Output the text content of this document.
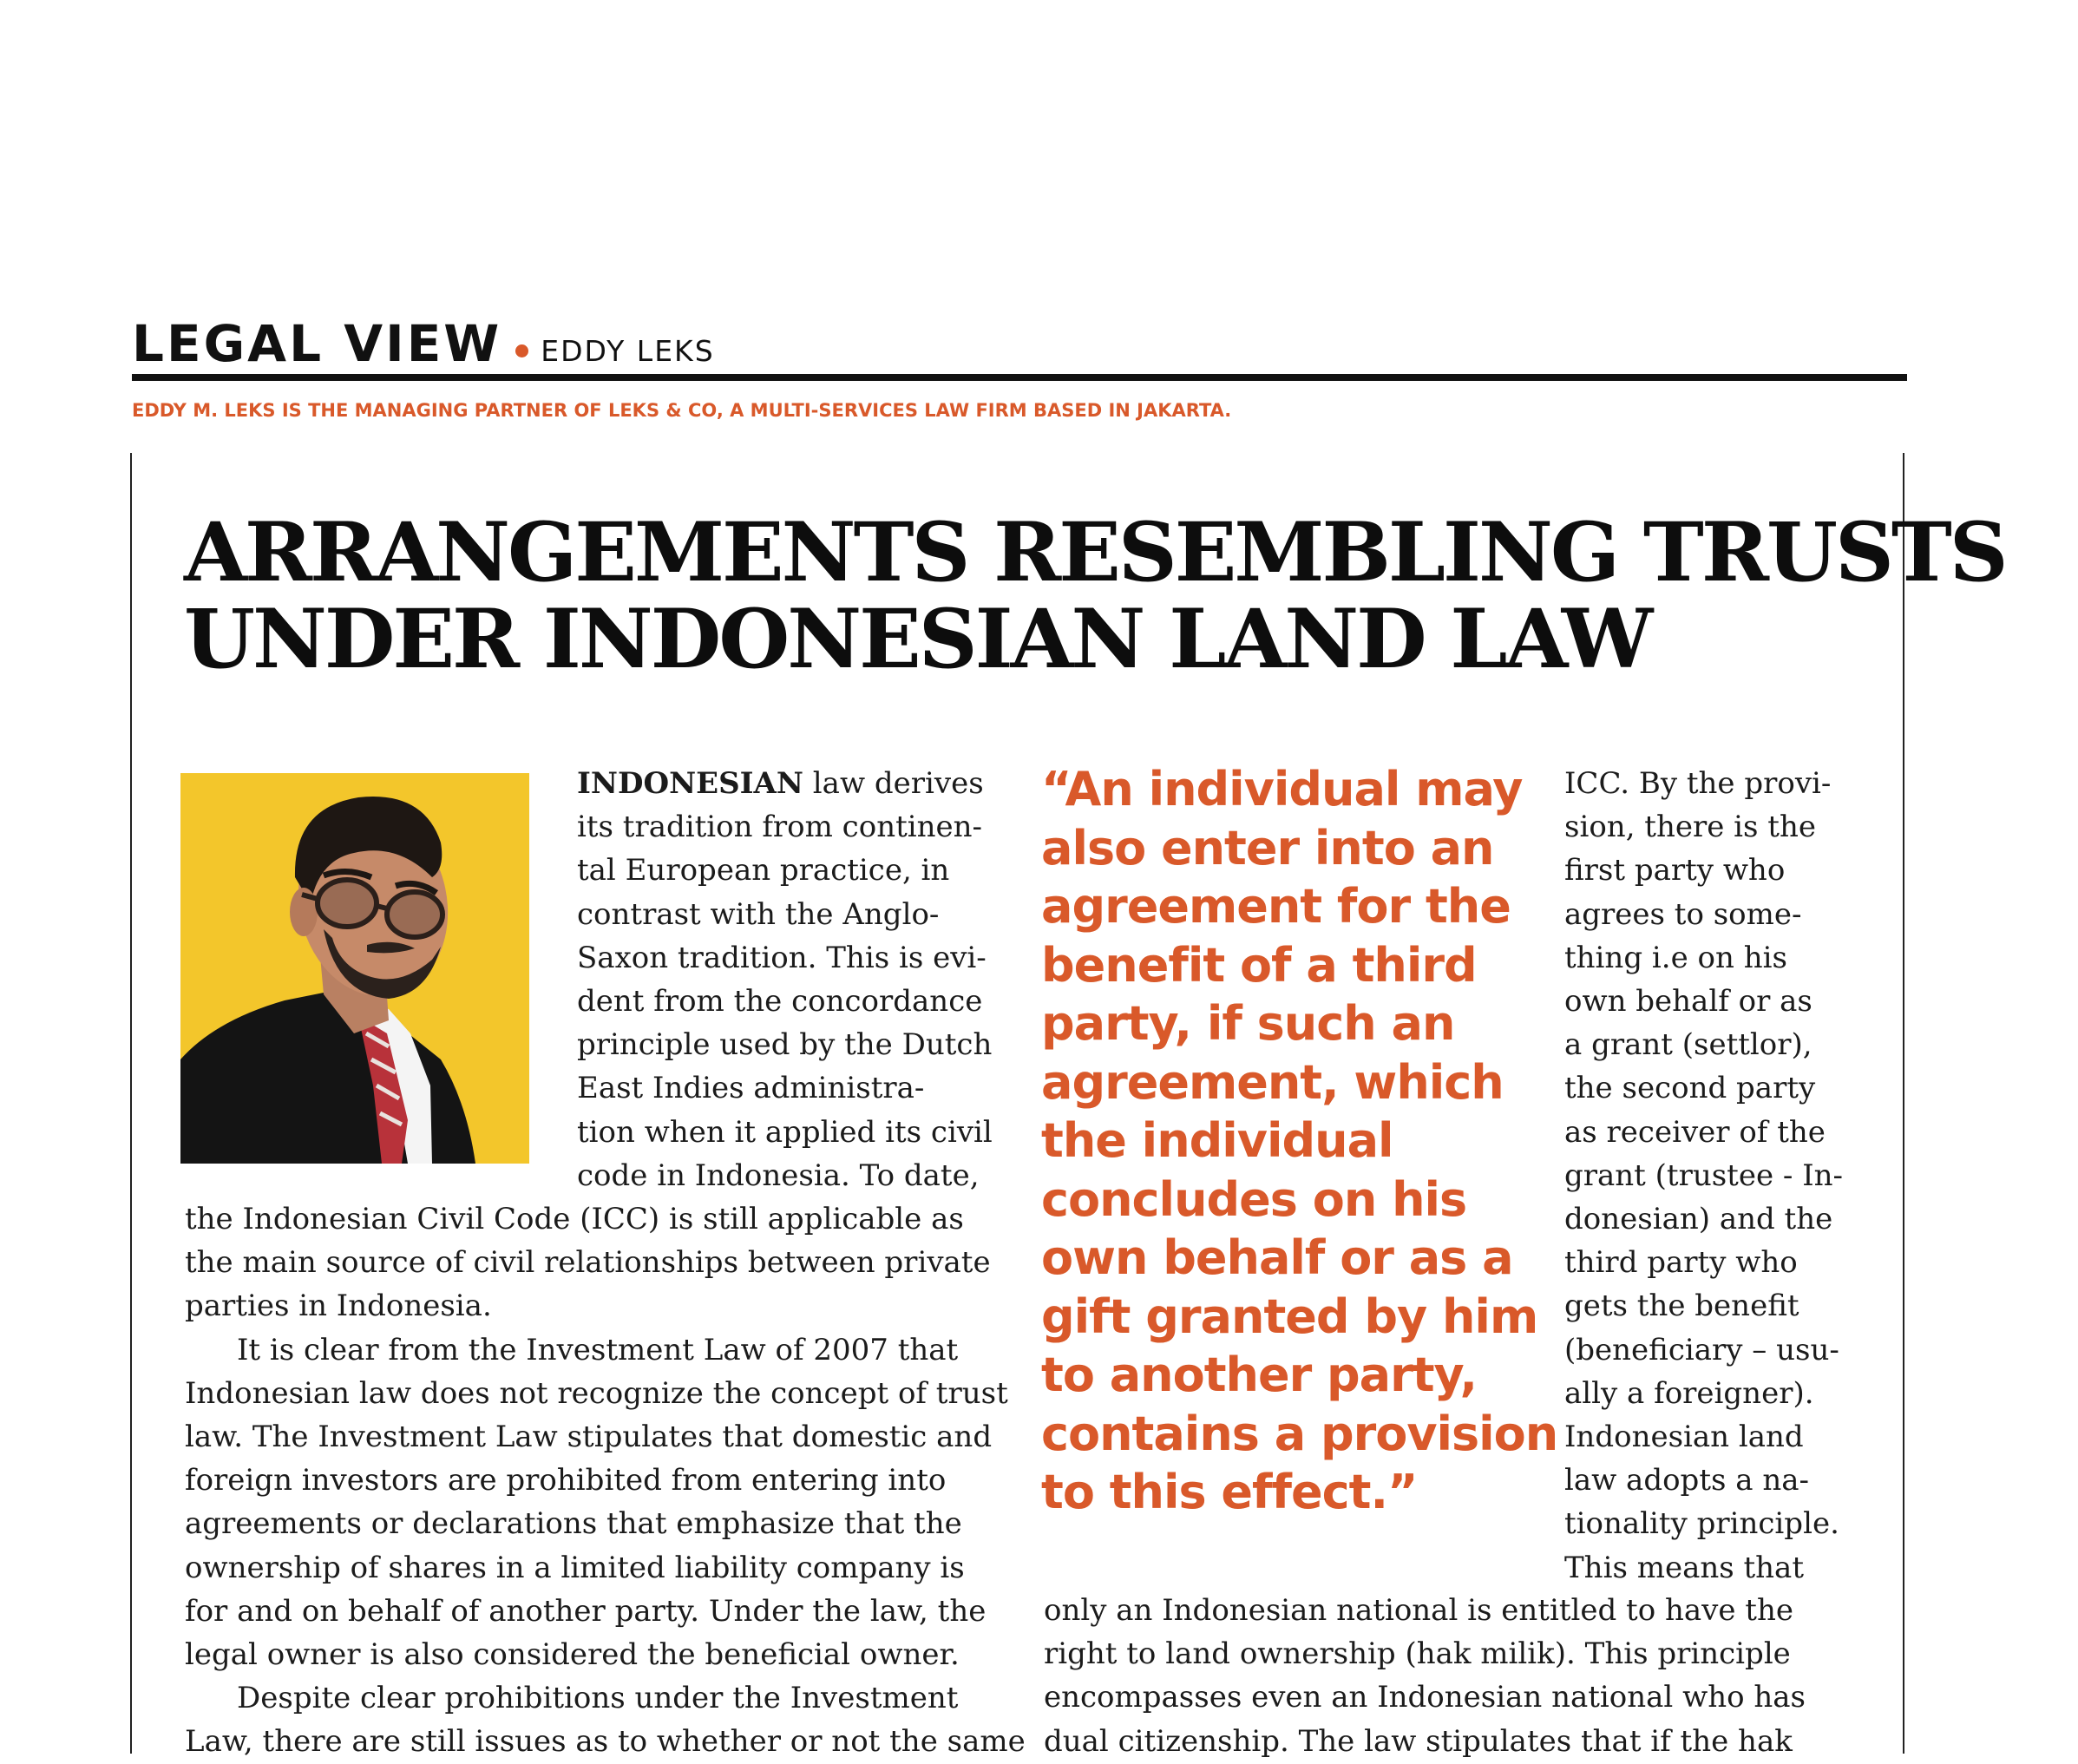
LEGAL VIEW EDDY LEKS
EDDY M. LEKS IS THE MANAGING PARTNER OF LEKS & CO, A MULTI-SERVICES LAW FIRM BASED IN JAKARTA.
ARRANGEMENTS RESEMBLING TRUSTS
UNDER INDONESIAN LAND LAW

INDONESIAN law derives
its tradition from continen-
tal European practice, in
contrast with the Anglo-
Saxon tradition. This is evi-
dent from the concordance
principle used by the Dutch
East Indies administra-
tion when it applied its civil
code in Indonesia. To date,

the Indonesian Civil Code (ICC) is still applicable as
the main source of civil relationships between private
parties in Indonesia.
It is clear from the Investment Law of 2007 that
Indonesian law does not recognize the concept of trust
law. The Investment Law stipulates that domestic and
foreign investors are prohibited from entering into
agreements or declarations that emphasize that the
ownership of shares in a limited liability company is
for and on behalf of another party. Under the law, the
legal owner is also considered the beneficial owner.
Despite clear prohibitions under the Investment
Law, there are still issues as to whether or not the same

“An individual may
also enter into an
agreement for the
benefit of a third
party, if such an
agreement, which
the individual
concludes on his
own behalf or as a
gift granted by him
to another party,
contains a provision
to this effect.”

ICC. By the provi-
sion, there is the
first party who
agrees to some-
thing i.e on his
own behalf or as
a grant (settlor),
the second party
as receiver of the
grant (trustee - In-
donesian) and the
third party who
gets the benefit
(beneficiary – usu-
ally a foreigner).
Indonesian land
law adopts a na-
tionality principle.
This means that

only an Indonesian national is entitled to have the
right to land ownership (hak milik). This principle
encompasses even an Indonesian national who has
dual citizenship. The law stipulates that if the hak
